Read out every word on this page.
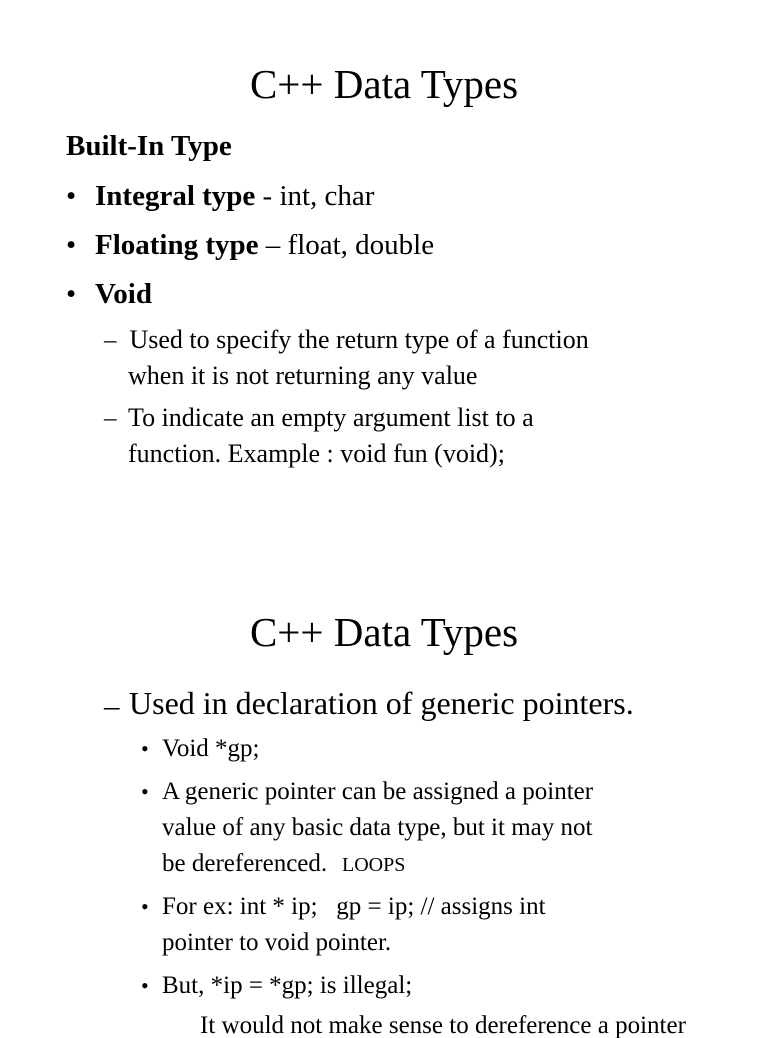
C++ Data Types
Built-In Type
• Integral type - int, char
• Floating type – float, double
• Void
– Used to specify the return type of a function
when it is not returning any value
– To indicate an empty argument list to a
function. Example : void fun (void);
C++ Data Types
– Used in declaration of generic pointers.
• Void *gp;
• A generic pointer can be assigned a pointer
value of any basic data type, but it may not
be dereferenced. LOOPS
• For ex: int * ip;   gp = ip; // assigns int
pointer to void pointer.
• But, *ip = *gp; is illegal;
It would not make sense to dereference a pointer
